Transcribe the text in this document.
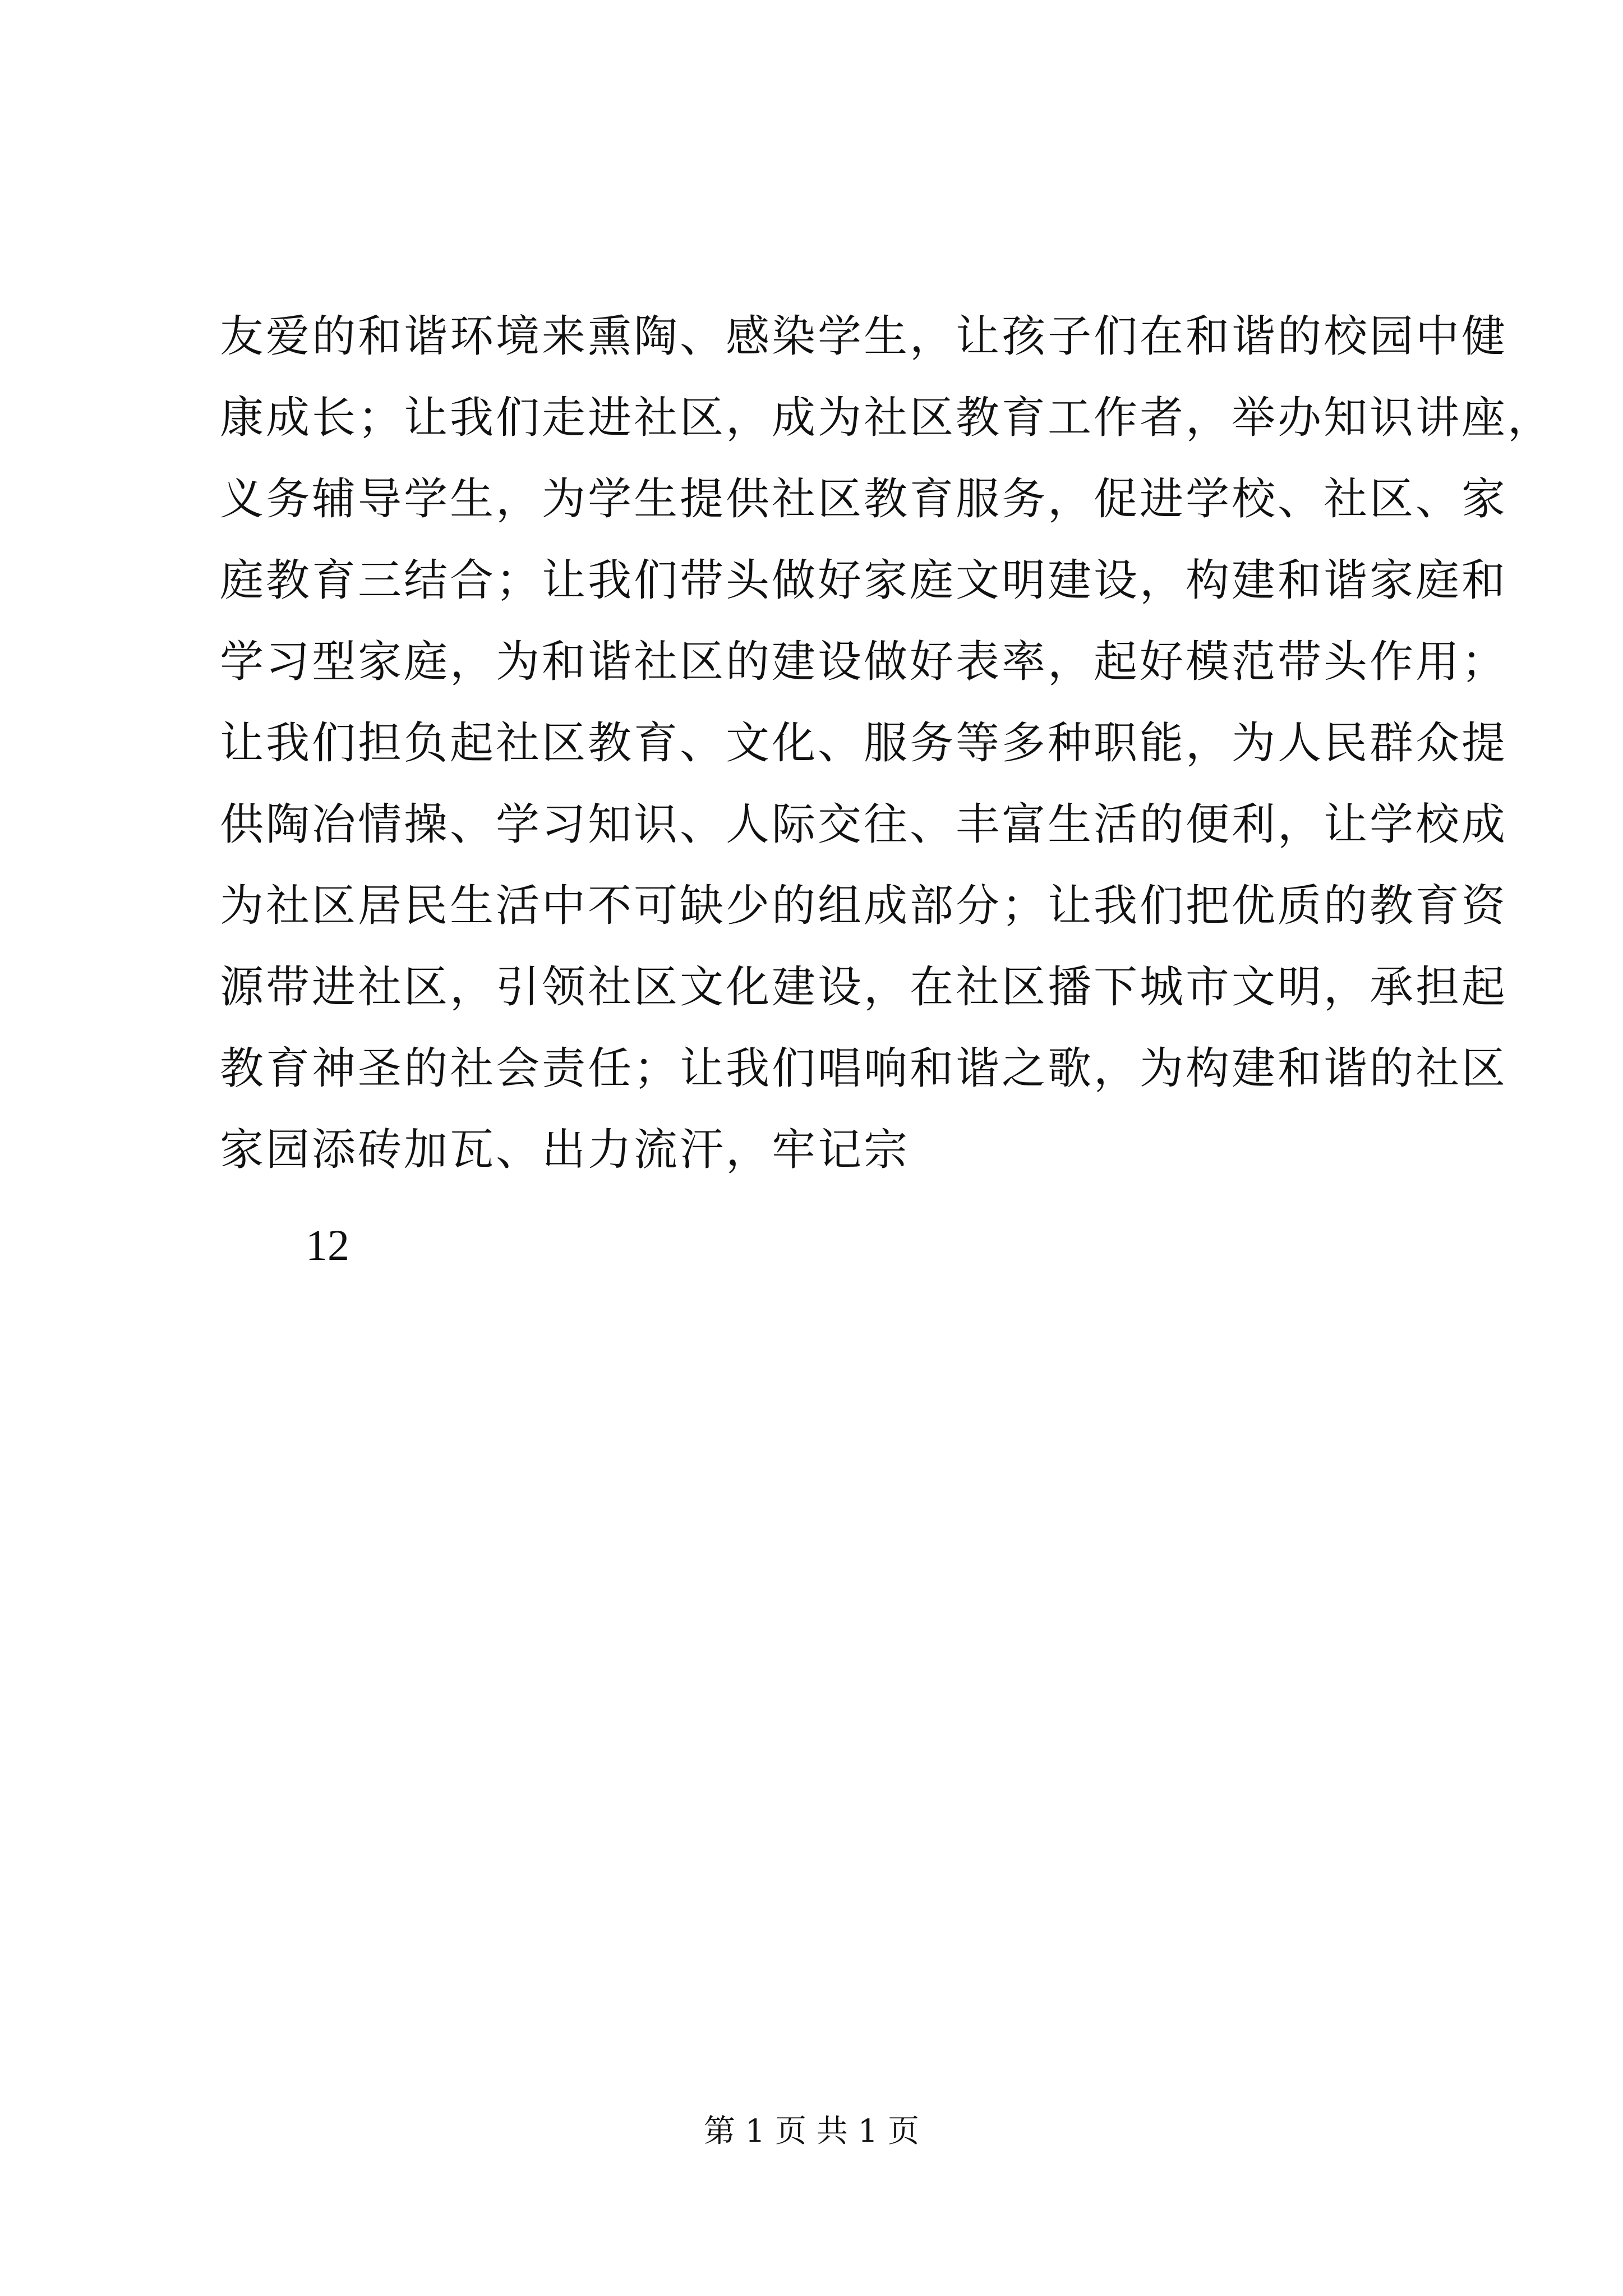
友爱的和谐环境来熏陶、感染学生，让孩子们在和谐的校园中健
康成长；让我们走进社区，成为社区教育工作者，举办知识讲座，
义务辅导学生，为学生提供社区教育服务，促进学校、社区、家
庭教育三结合；让我们带头做好家庭文明建设，构建和谐家庭和
学习型家庭，为和谐社区的建设做好表率，起好模范带头作用；
让我们担负起社区教育、文化、服务等多种职能，为人民群众提
供陶冶情操、学习知识、人际交往、丰富生活的便利，让学校成
为社区居民生活中不可缺少的组成部分；让我们把优质的教育资
源带进社区，引领社区文化建设，在社区播下城市文明，承担起
教育神圣的社会责任；让我们唱响和谐之歌，为构建和谐的社区
家园添砖加瓦、出力流汗，牢记宗
12
第 1 页 共 1 页
